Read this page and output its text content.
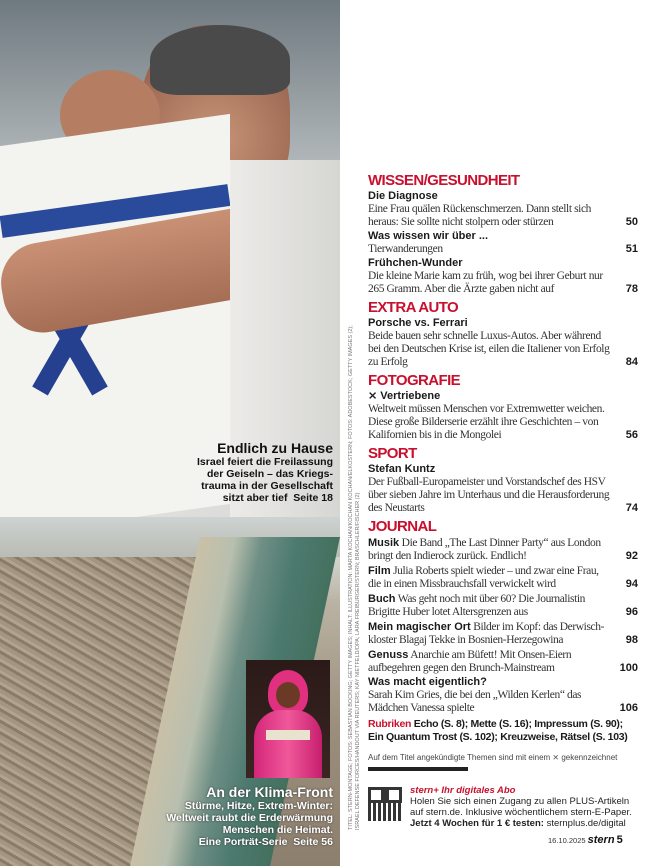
Endlich zu Hause
Israel feiert die Freilassung
der Geiseln – das Kriegs-
trauma in der Gesellschaft
sitzt aber tief Seite 18
An der Klima-Front
Stürme, Hitze, Extrem-Winter:
Weltweit raubt die Erderwärmung
Menschen die Heimat.
Eine Porträt-Serie Seite 56
TITEL: STERN-MONTAGE; FOTOS: SEBASTIAN BÖCKING; GETTY IMAGES; INHALT: ILLUSTRATION: MARTA KOCHAN/KOCHAN KOCHAN/ELKOSTERN; FOTOS: ADOBESTOCK; GETTY IMAGES (2); ISRAEL DEFENSE FORCES/HANDOUT VIA REUTERS; KAY NIETFELD/DPA; LARA FREIBURGER/STERN; BRASCHLER/FISCHER (2)
WISSEN/GESUNDHEIT
Die Diagnose
Eine Frau quälen Rückenschmerzen. Dann stellt sich heraus: Sie sollte nicht stolpern oder stürzen	50
Was wissen wir über ...
Tierwanderungen	51
Frühchen-Wunder
Die kleine Marie kam zu früh, wog bei ihrer Geburt nur 265 Gramm. Aber die Ärzte gaben nicht auf	78
EXTRA AUTO
Porsche vs. Ferrari
Beide bauen sehr schnelle Luxus-Autos. Aber während bei den Deutschen Krise ist, eilen die Italiener von Erfolg zu Erfolg	84
FOTOGRAFIE
⨯ Vertriebene
Weltweit müssen Menschen vor Extremwetter weichen. Diese große Bilderserie erzählt ihre Geschichten – von Kalifornien bis in die Mongolei	56
SPORT
Stefan Kuntz
Der Fußball-Europameister und Vorstandschef des HSV über sieben Jahre im Unterhaus und die Herausforderung des Neustarts	74
JOURNAL
Musik Die Band „The Last Dinner Party“ aus London bringt den Indierock zurück. Endlich!	92
Film Julia Roberts spielt wieder – und zwar eine Frau, die in einen Missbrauchsfall verwickelt wird	94
Buch Was geht noch mit über 60? Die Journalistin Brigitte Huber lotet Altersgrenzen aus	96
Mein magischer Ort Bilder im Kopf: das Derwisch-kloster Blagaj Tekke in Bosnien-Herzegowina	98
Genuss Anarchie am Büfett! Mit Onsen-Eiern aufbegehren gegen den Brunch-Mainstream	100
Was macht eigentlich?
Sarah Kim Gries, die bei den „Wilden Kerlen“ das Mädchen Vanessa spielte	106
Rubriken Echo (S. 8); Mette (S. 16); Impressum (S. 90); Ein Quantum Trost (S. 102); Kreuzweise, Rätsel (S. 103)
Auf dem Titel angekündigte Themen sind mit einem ⨯ gekennzeichnet
stern+ Ihr digitales Abo
Holen Sie sich einen Zugang zu allen PLUS-Artikeln
auf stern.de. Inklusive wöchentlichem stern-E-Paper.
Jetzt 4 Wochen für 1 € testen: sternplus.de/digital
16.10.2025 stern 5
